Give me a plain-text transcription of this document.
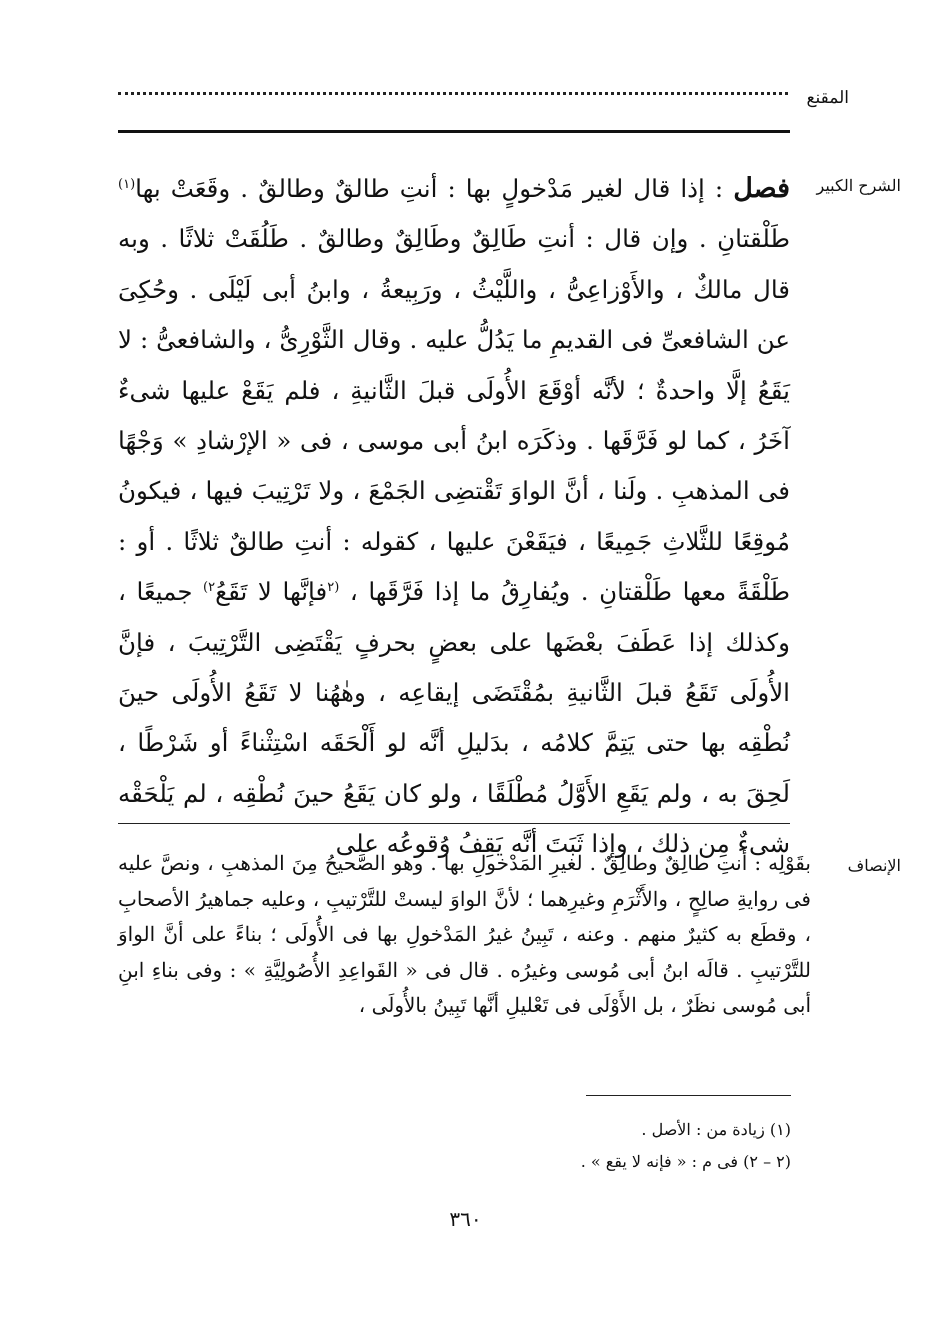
المقنع
الشرح الكبير

فصل : إذا قال لغير مَدْخولٍ بها : أنتِ طالقٌ وطالقٌ . وقَعَتْ بها$^{(١)}$ طَلْقتانِ . وإن قال : أنتِ طَالِقٌ وطَالِقٌ وطالقٌ . طَلُقَتْ ثلاثًا . وبه قال مالكٌ ، والأَوْزاعِىُّ ، واللَّيْثُ ، ورَبِيعةُ ، وابنُ أبى لَيْلَى . وحُكِىَ عن الشافعىِّ فى القديمِ ما يَدُلُّ عليه . وقال الثَّوْرِىُّ ، والشافعىُّ : لا يَقَعُ إلَّا واحدةٌ ؛ لأنَّه أوْقَعَ الأُولَى قبلَ الثَّانيةِ ، فلم يَقَعْ عليها شىءٌ آخَرُ ، كما لو فَرَّقَها . وذكَرَه ابنُ أبى موسى ، فى « الإرْشادِ » وَجْهًا فى المذهبِ . ولَنا ، أنَّ الواوَ تَقْتضِى الجَمْعَ ، ولا تَرْتِيبَ فيها ، فيكونُ مُوقِعًا للثَّلاثِ جَمِيعًا ، فيَقَعْنَ عليها ، كقوله : أنتِ طالقٌ ثلاثًا . أو : طَلْقَةً معها طَلْقتانِ . ويُفارِقُ ما إذا فَرَّقَها ، $^{(٢}$فإنَّها لا تَقَعُ$^{٢)}$ جميعًا ، وكذلك إذا عَطَفَ بعْضَها على بعضٍ بحرفٍ يَقْتَضِى التَّرْتِيبَ ، فإنَّ الأُولَى تَقَعُ قبلَ الثَّانيةِ بمُقْتَضَى إيقاعِه ، وهٰهُنا لا تَقَعُ الأُولَى حينَ نُطْقِه بها حتى يَتِمَّ كلامُه ، بدَليلِ أنَّه لو أَلْحَقَه اسْتِثْناءً أو شَرْطًا ، لَحِقَ به ، ولم يَقَعِ الأَوَّلُ مُطْلَقًا ، ولو كان يَقَعُ حينَ نُطْقِه ، لم يَلْحَقْه شىءٌ مِن ذلك ، وإذا ثَبَتَ أنَّه يَقِفُ وُقوعُه على

الإنصاف

بقَوْلِه : أنتِ طالِقٌ وطالِقٌ . لغيرِ المَدْخولِ بها . وهو الصَّحيحُ مِنَ المذهبِ ، ونصَّ عليه فى روايةِ صالِحٍ ، والأَثْرَمِ وغيرِهما ؛ لأنَّ الواوَ ليستْ للتَّرْتيبِ ، وعليه جماهيرُ الأصحابِ ، وقطَع به كثيرٌ منهم . وعنه ، تَبِينُ غيرُ المَدْخولِ بها فى الأُولَى ؛ بناءً على أنَّ الواوَ للتَّرْتيبِ . قالَه ابنُ أبى مُوسى وغيرُه . قال فى « القَواعِدِ الأُصُولِيَّةِ » : وفى بناءِ ابنِ أبى مُوسى نظَرٌ ، بل الأَوْلَى فى تَعْليلِ أنَّها تَبِينُ بالأُولَى ،

(١) زيادة من : الأصل .
(٢ – ٢) فى م : « فإنه لا يقع » .
٣٦٠
